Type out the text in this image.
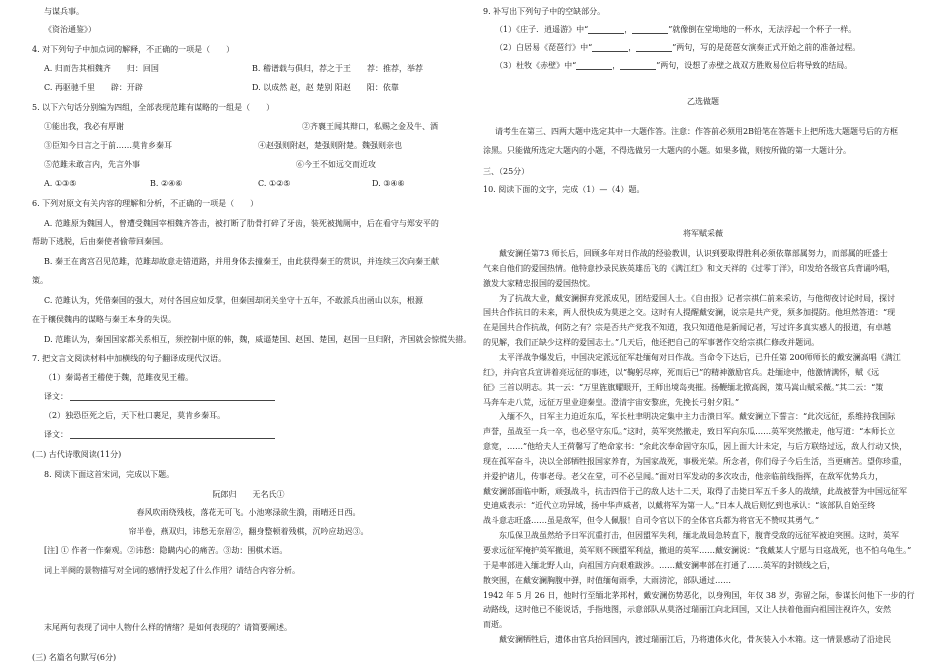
与谋兵事。
《资治通鉴》）
4. 对下列句子中加点词的解释，不正确的一项是（　　）
A. 归而告其相魏齐　　归：回国	B. 稽谱载与俱归，荐之于王　　荐：推荐，举荐
C. 再驱驰千里　　辟：开辟	D. 以成然 赵，赵 楚别 阳赵　　阳：依靠
5. 以下六句话分别编为四组，全部表现范雎有谋略的一组是（　　）
①能出我，我必有厚谢	②齐襄王闻其辩口，私赐之金及牛、酒
③臣知今日言之于前……莫肯乡秦耳	④赵强则附赵，楚强则附楚。魏强则亲也
⑤范雎未敢言内，先言外事	⑥今王不如远交而近攻
A. ①③⑤	B. ②④⑥	C. ①②⑤	D. ③④⑥
6. 下列对原文有关内容的理解和分析，不正确的一项是（　　）
A. 范雎原为魏国人，曾遭受魏国宰相魏齐答击，被打断了肋骨打碎了牙齿，装死被抛厕中，后在看守与郑安平的
帮助下逃脱，后由秦使者偷带回秦国。
B. 秦王在离宫召见范雎，范雎却故意走错道路，并用身体去撞秦王，由此获得秦王的赏识，并连续三次向秦王献
策。
C. 范雎认为，凭借秦国的强大，对付各国应如反掌，但秦国却闭关坐守十五年，不敢派兵出函山以东，根源
在于穰侯魏冉的谋略与秦王本身的失误。
D. 范雎认为，秦国国家都关系相互，须控制中原的韩，魏，威逼楚国、赵国、楚国，赵国一旦归附，齐国就会惊慌失措。
7. 把文言文阅读材料中加横线的句子翻译成现代汉语。
（1）秦谒者王稽使于魏，范雎夜见王稽。
译文：
（2）独恐臣死之后，天下杜口裹足，莫肯乡秦耳。
译文：
(二) 古代诗歌阅读(11分)
8. 阅读下面这首宋词，完成以下题。
阮郎归　　无名氏①
春风吹雨绕残枝，落花无可飞。小池寒渌欲生漪，雨晴还日西。
帘半卷，燕双归，讳愁无奈眉②，翻身整顿着残棋，沉吟应劫迟③。
[注] ① 作者一作秦观。②讳愁：隐瞒内心的痛苦。③劫：围棋术语。
词上半阕的景物描写对全词的感情抒发起了什么作用？请结合内容分析。
末尾两句表现了词中人物什么样的情绪？是如何表现的？请简要阐述。
(三) 名篇名句默写(6分)
9. 补写出下列句子中的空缺部分。
（1）《庄子．逍遥游》中“	，	”就像倒在堂坳地的一杯水，无法浮起一个杯子一样。
（2）白居易《琵琶行》中“	，	”两句，写的是琵琶女演奏正式开始之前的准备过程。
（3）杜牧《赤壁》中“	，	”两句，设想了赤壁之战双方胜败易位后将导致的结局。
乙选做题
请考生在第三、四两大题中选定其中一大题作答。注意：作答前必须用2B铅笔在答题卡上把所选大题题号后的方框
涂黑。只能做所选定大题内的小题，不得选做另一大题内的小题。如果多做，则按所做的第一大题计分。
三、（25分）
10. 阅读下面的文字，完成（1）—（4）题。
将军赋采薇
　　戴安澜任第73 师长后，回顾多年对日作战的经验教训，认识到要取得胜利必须依靠部属努力，而部属的旺盛士
气来自他们的爱国热情。他特意抄录民族英雄岳飞的《满江红》和文天祥的《过零丁洋》，印发给各级官兵背诵吟唱，
激发大家精忠报国的爱国热忱。
　　为了抗战大业，戴安澜摒弃党派成见，团结爱国人士。《自由报》记者宗祺仁前来采访，与他彻夜讨论时局，探讨
国共合作抗日的未来，两人很快成为莫逆之交。这时有人提醒戴安澜，说宗是共产党，须多加提防。他坦然答道：“现
在是国共合作抗战，何防之有？宗是否共产党我不知道，我只知道他是新闻记者，写过许多真实感人的报道，有卓越
的见解，我们正缺少这样的爱国志士。”几天后，他还把自己的军事著作交给宗祺仁修改并题词。
　　太平洋战争爆发后，中国决定派远征军赴缅甸对日作战。当命令下达后，已升任第 200师师长的戴安澜高唱《满江
红》，并向官兵宣讲着亮远征的事迹，以“鞠躬尽瘁，死而后已”的精神激励官兵。赴缅途中，他激情满怀，赋《远
征》三首以明志。其一云：“万里旌旗耀眼开，王师出境岛夷摧。扬鞭缅北掀高阁，策马嵩山赋采薇。”其二云：“策
马奔车走八荒，远征万里业迎秦皇。澄清宇宙安黎庶，先挽长弓射夕阳。”
　　入缅不久，日军主力迫近东瓜，军长杜聿明决定集中主力击溃日军。戴安澜立下誓言：“此次远征，系维持我国际
声誉，虽战至一兵一卒，也必坚守东瓜。”这时，英军突然撤走，致日军向东瓜……英军突然撤走，他写道：“本师长立
意宽，……”他给夫人王荷馨写了绝命家书：“余此次奉命固守东瓜，因上面大计未定，与后方联络过远，敌人行动又快，
现在孤军奋斗，决以全部牺牲报国家养育，为国家战死，事极光荣。所念者，你们母子今后生活，当更痛苦。望你珍重，
并爱护诸儿，传事老母。老父在堂，可不必呈闻。”面对日军发动的多次攻击，他亲临前线指挥，在敌军优势兵力，
戴安澜部面临中断，顽强战斗，抗击四倍于己的敌人达十二天，取得了击毙日军五千多人的战绩，此战被誉为中国远征军
史迪威表示：“近代立功异域，扬中华声威者，以戴将军为第一人。”日本人战后则忆到也承认：“该部队自始至终
战斗意志旺盛……虽是敌军，但令人佩服！自司令官以下的全体官兵都为将官无不赞叹其勇气。”
　　东瓜保卫战虽然给予日军沉重打击，但因盟军失利，缅北战局急转直下，腹背受敌的远征军被迫突围。这时，英军
要求远征军掩护英军撤退，英军则不顾盟军利益，撤退的英军……戴安澜说：“我戴某人宁愿与日寇战死，也不怕乌龟生。”
于是率部进入缅北野人山，向祖国方向艰难跋涉。……戴安澜率部在打通了……英军的封锁线之后，
散突围，在戴安澜胸腹中弹，时值缅甸雨季，大雨滂沱，部队通过……
1942 年 5 月 26 日，他时行至缅北茅邦村，戴安澜伤势恶化，以身殉国，年仅 38 岁，弥留之际，参谋长问他下一步的行
动路线，这时他已不能说话，手指地图，示意部队从莫洛过瑞丽江向北回国，又让人扶着他面向祖国注视许久，安然
而逝。
　　戴安澜牺牲后，遗体由官兵抬回国内，渡过瑞丽江后，乃将遗体火化，骨灰装入小木箱。这一情景感动了沿途民
